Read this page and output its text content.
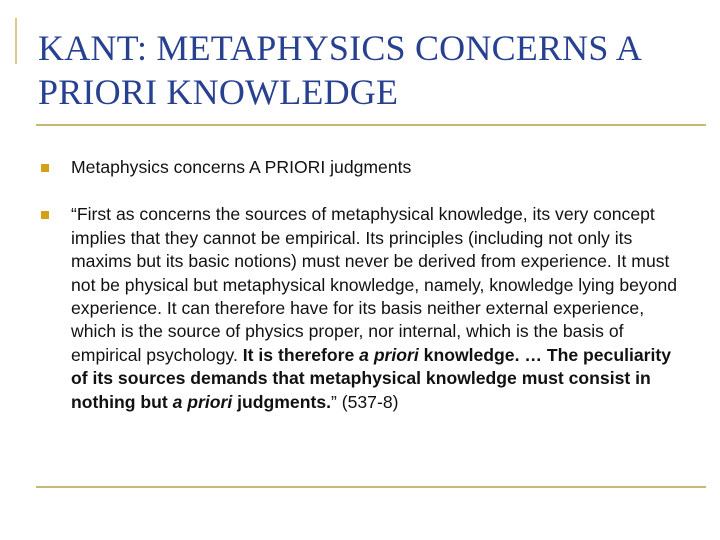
KANT: METAPHYSICS CONCERNS A PRIORI KNOWLEDGE
Metaphysics concerns A PRIORI judgments
“First as concerns the sources of metaphysical knowledge, its very concept implies that they cannot be empirical. Its principles (including not only its maxims but its basic notions) must never be derived from experience. It must not be physical but metaphysical knowledge, namely, knowledge lying beyond experience. It can therefore have for its basis neither external experience, which is the source of physics proper, nor internal, which is the basis of empirical psychology. It is therefore a priori knowledge. … The peculiarity of its sources demands that metaphysical knowledge must consist in nothing but a priori judgments.” (537-8)
